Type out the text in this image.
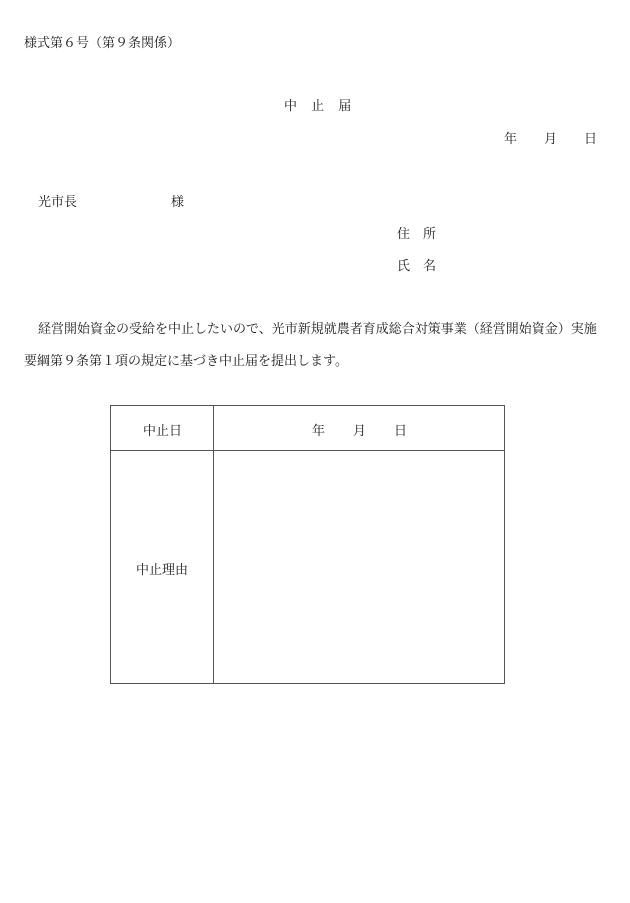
様式第６号（第９条関係）
中 止 届
年 月 日
光市長	様
住所
氏名
経営開始資金の受給を中止したいので、光市新規就農者育成総合対策事業（経営開始資金）実施
要綱第９条第１項の規定に基づき中止届を提出します。
中止日	年 月 日
中止理由
